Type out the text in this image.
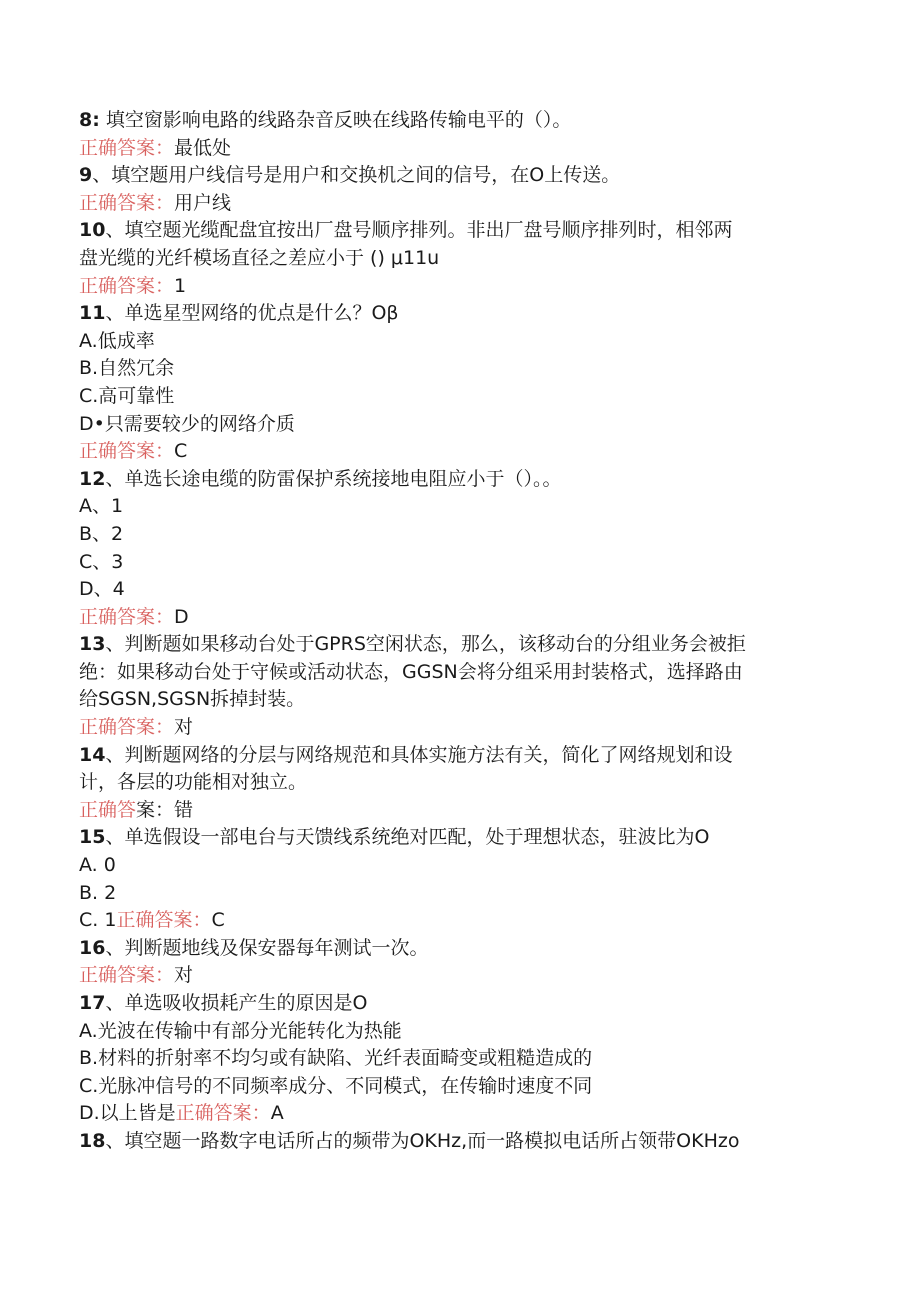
8: 填空窗影响电路的线路杂音反映在线路传输电平的（）。
正确答案：最低处
9、填空题用户线信号是用户和交换机之间的信号，在O上传送。
正确答案：用户线
10、填空题光缆配盘宜按出厂盘号顺序排列。非出厂盘号顺序排列时，相邻两
盘光缆的光纤模场直径之差应小于 () μ11u
正确答案：1
11、单选星型网络的优点是什么？Oβ
A.低成率
B.自然冗余
C.高可靠性
D•只需要较少的网络介质
正确答案：C
12、单选长途电缆的防雷保护系统接地电阻应小于（）。。
A、1
B、2
C、3
D、4
正确答案：D
13、判断题如果移动台处于GPRS空闲状态，那么，该移动台的分组业务会被拒
绝：如果移动台处于守候或活动状态，GGSN会将分组采用封装格式，选择路由
给SGSN,SGSN拆掉封装。
正确答案：对
14、判断题网络的分层与网络规范和具体实施方法有关，简化了网络规划和设
计，各层的功能相对独立。
正确答案：错
15、单选假设一部电台与天馈线系统绝对匹配，处于理想状态，驻波比为O
A. 0
B. 2
C. 1正确答案：C
16、判断题地线及保安器每年测试一次。
正确答案：对
17、单选吸收损耗产生的原因是O
A.光波在传输中有部分光能转化为热能
B.材料的折射率不均匀或有缺陷、光纤表面畸变或粗糙造成的
C.光脉冲信号的不同频率成分、不同模式，在传输时速度不同
D.以上皆是正确答案：A
18、填空题一路数字电话所占的频带为OKHz,而一路模拟电话所占领带OKHzo
